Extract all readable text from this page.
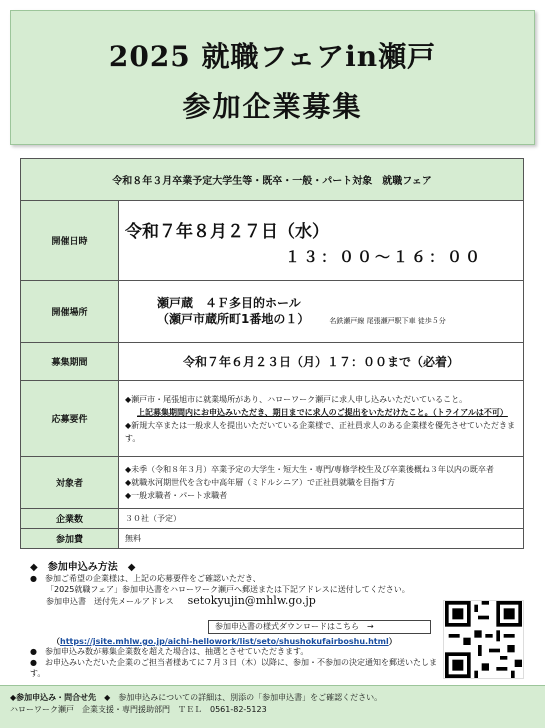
2025 就職フェアin瀬戸
参加企業募集
令和８年３月卒業予定大学生等・既卒・一般・パート対象　就職フェア	
開催日時	令和７年８月２７日（水）
１３：００〜１６：００

開催場所	瀬戸蔵　４Ｆ多目的ホール
（瀬戸市蔵所町1番地の１） 名鉄瀬戸線 尾張瀬戸駅下車 徒歩５分

募集期間	令和７年６月２３日（月）１７：００まで（必着）
応募要件	◆瀬戸市・尾張旭市に就業場所があり、ハローワーク瀬戸に求人申し込みいただいていること。
上記募集期間内にお申込みいただき、期日までに求人のご提出をいただけたこと。（トライアルは不可）
◆新規大卒または一般求人を提出いただいている企業様で、正社員求人のある企業様を優先させていただきます。

対象者	◆未季（令和８年３月）卒業予定の大学生・短大生・専門/専修学校生及び卒業後概ね３年以内の既卒者
◆就職氷河期世代を含む中高年層（ミドルシニア）で正社員就職を目指す方
◆一般求職者・パート求職者

企業数	３０社（予定）
参加費	無料
◆　参加申込み方法　◆
●　参加ご希望の企業様は、上記の応募要件をご確認いただき、
「2025就職フェア」参加申込書をハローワーク瀬戸へ郵送または下記アドレスに送付してください。
参加申込書　送付先メールアドレス setokyujin@mhlw.go.jp
参加申込書の様式ダウンロードはこちら　→
（https://jsite.mhlw.go.jp/aichi-hellowork/list/seto/shushokufairboshu.html）
●　参加申込み数が募集企業数を超えた場合は、抽選とさせていただきます。
●　お申込みいただいた企業のご担当者様あてに７月３日（木）以降に、参加・不参加の決定通知を郵送いたします。
◆参加申込み・問合せ先　◆　 参加申込みについての詳細は、別添の「参加申込書」をご確認ください。
ハローワーク瀬戸　企業支援・専門援助部門　ＴＥＬ　0561-82-5123
